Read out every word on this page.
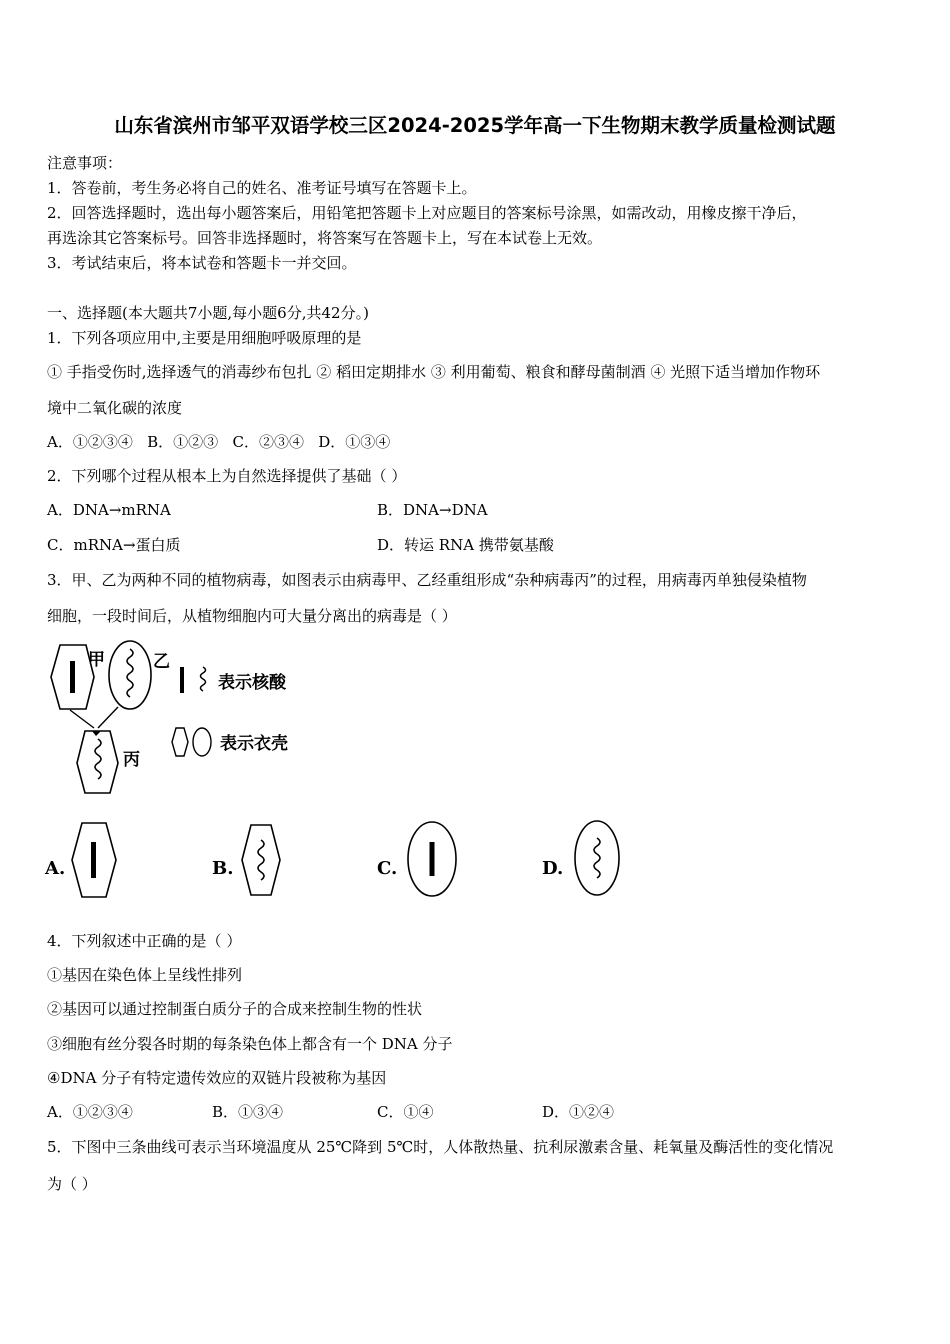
山东省滨州市邹平双语学校三区2024-2025学年高一下生物期末教学质量检测试题
注意事项：
1．答卷前，考生务必将自己的姓名、准考证号填写在答题卡上。
2．回答选择题时，选出每小题答案后，用铅笔把答题卡上对应题目的答案标号涂黑，如需改动，用橡皮擦干净后，
再选涂其它答案标号。回答非选择题时，将答案写在答题卡上，写在本试卷上无效。
3．考试结束后，将本试卷和答题卡一并交回。
一、选择题(本大题共7小题,每小题6分,共42分。)
1．下列各项应用中,主要是用细胞呼吸原理的是
① 手指受伤时,选择透气的消毒纱布包扎 ② 稻田定期排水 ③ 利用葡萄、粮食和酵母菌制酒 ④ 光照下适当增加作物环
境中二氧化碳的浓度
A．①②③④   B．①②③   C．②③④   D．①③④
2．下列哪个过程从根本上为自然选择提供了基础（ ）
A．DNA→mRNA	B．DNA→DNA
C．mRNA→蛋白质	D．转运 RNA 携带氨基酸
3．甲、乙为两种不同的植物病毒，如图表示由病毒甲、乙经重组形成“杂种病毒丙”的过程，用病毒丙单独侵染植物
细胞，一段时间后，从植物细胞内可大量分离出的病毒是（ ）
甲	乙
表示核酸
丙
表示衣壳
A.	B.	C.	D.
4．下列叙述中正确的是（ ）
①基因在染色体上呈线性排列
②基因可以通过控制蛋白质分子的合成来控制生物的性状
③细胞有丝分裂各时期的每条染色体上都含有一个 DNA 分子
④DNA 分子有特定遗传效应的双链片段被称为基因
A．①②③④	B．①③④	C．①④	D．①②④
5．下图中三条曲线可表示当环境温度从 25℃降到 5℃时，人体散热量、抗利尿激素含量、耗氧量及酶活性的变化情况
为（ ）
